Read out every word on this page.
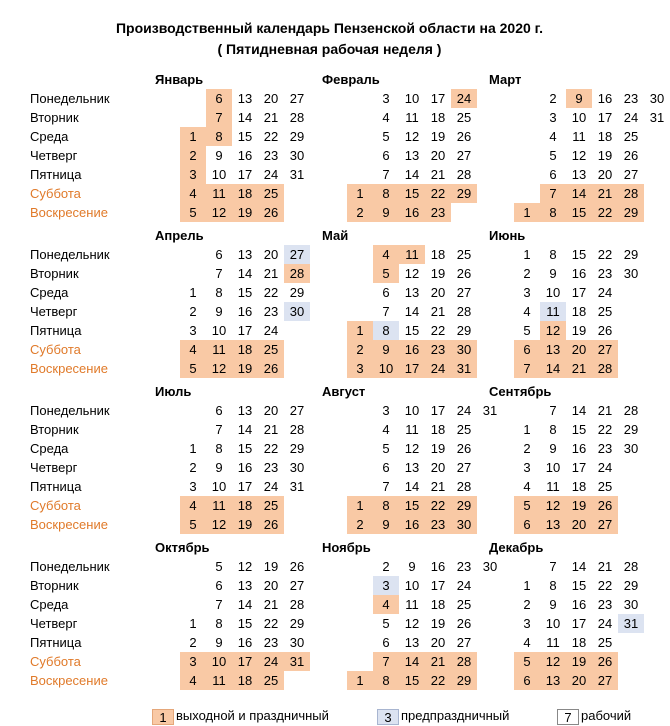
Производственный календарь Пензенской области на 2020 г.
( Пятидневная рабочая неделя )
Понедельник
Вторник
Среда
Четверг
Пятница
Суббота
Воскресение
Понедельник
Вторник
Среда
Четверг
Пятница
Суббота
Воскресение
Понедельник
Вторник
Среда
Четверг
Пятница
Суббота
Воскресение
Понедельник
Вторник
Среда
Четверг
Пятница
Суббота
Воскресение
Январь
1
2
3
4
5
6
7
8
9
10
11
12
13
14
15
16
17
18
19
20
21
22
23
24
25
26
27
28
29
30
31
Февраль
1
2
3
4
5
6
7
8
9
10
11
12
13
14
15
16
17
18
19
20
21
22
23
24
25
26
27
28
29
Март
1
2
3
4
5
6
7
8
9
10
11
12
13
14
15
16
17
18
19
20
21
22
23
24
25
26
27
28
29
30
31
Апрель
1
2
3
4
5
6
7
8
9
10
11
12
13
14
15
16
17
18
19
20
21
22
23
24
25
26
27
28
29
30
Май
1
2
3
4
5
6
7
8
9
10
11
12
13
14
15
16
17
18
19
20
21
22
23
24
25
26
27
28
29
30
31
Июнь
1
2
3
4
5
6
7
8
9
10
11
12
13
14
15
16
17
18
19
20
21
22
23
24
25
26
27
28
29
30
Июль
1
2
3
4
5
6
7
8
9
10
11
12
13
14
15
16
17
18
19
20
21
22
23
24
25
26
27
28
29
30
31
Август
1
2
3
4
5
6
7
8
9
10
11
12
13
14
15
16
17
18
19
20
21
22
23
24
25
26
27
28
29
30
31
Сентябрь
1
2
3
4
5
6
7
8
9
10
11
12
13
14
15
16
17
18
19
20
21
22
23
24
25
26
27
28
29
30
Октябрь
1
2
3
4
5
6
7
8
9
10
11
12
13
14
15
16
17
18
19
20
21
22
23
24
25
26
27
28
29
30
31
Ноябрь
1
2
3
4
5
6
7
8
9
10
11
12
13
14
15
16
17
18
19
20
21
22
23
24
25
26
27
28
29
30
Декабрь
1
2
3
4
5
6
7
8
9
10
11
12
13
14
15
16
17
18
19
20
21
22
23
24
25
26
27
28
29
30
31
1 выходной и праздничный	3 предпраздничный	7 рабочий
